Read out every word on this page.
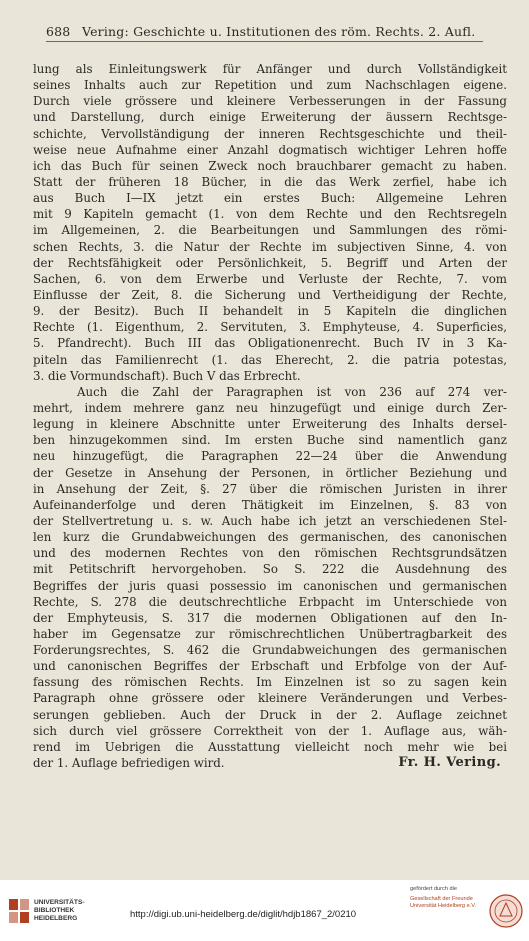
688 Vering: Geschichte u. Institutionen des röm. Rechts. 2. Aufl.
lung als Einleitungswerk für Anfänger und durch Vollständigkeit
seines Inhalts auch zur Repetition und zum Nachschlagen eigene.
Durch viele grössere und kleinere Verbesserungen in der Fassung
und Darstellung, durch einige Erweiterung der äussern Rechtsge-
schichte, Vervollständigung der inneren Rechtsgeschichte und theil-
weise neue Aufnahme einer Anzahl dogmatisch wichtiger Lehren hoffe
ich das Buch für seinen Zweck noch brauchbarer gemacht zu haben.
Statt der früheren 18 Bücher, in die das Werk zerfiel, habe ich
aus Buch I—IX jetzt ein erstes Buch: Allgemeine Lehren
mit 9 Kapiteln gemacht (1. von dem Rechte und den Rechtsregeln
im Allgemeinen, 2. die Bearbeitungen und Sammlungen des römi-
schen Rechts, 3. die Natur der Rechte im subjectiven Sinne, 4. von
der Rechtsfähigkeit oder Persönlichkeit, 5. Begriff und Arten der
Sachen, 6. von dem Erwerbe und Verluste der Rechte, 7. vom
Einflusse der Zeit, 8. die Sicherung und Vertheidigung der Rechte,
9. der Besitz). Buch II behandelt in 5 Kapiteln die dinglichen
Rechte (1. Eigenthum, 2. Servituten, 3. Emphyteuse, 4. Superficies,
5. Pfandrecht). Buch III das Obligationenrecht. Buch IV in 3 Ka-
piteln das Familienrecht (1. das Eherecht, 2. die patria potestas,
3. die Vormundschaft). Buch V das Erbrecht.
Auch die Zahl der Paragraphen ist von 236 auf 274 ver-
mehrt, indem mehrere ganz neu hinzugefügt und einige durch Zer-
legung in kleinere Abschnitte unter Erweiterung des Inhalts dersel-
ben hinzugekommen sind. Im ersten Buche sind namentlich ganz
neu hinzugefügt, die Paragraphen 22—24 über die Anwendung
der Gesetze in Ansehung der Personen, in örtlicher Beziehung und
in Ansehung der Zeit, §. 27 über die römischen Juristen in ihrer
Aufeinanderfolge und deren Thätigkeit im Einzelnen, §. 83 von
der Stellvertretung u. s. w. Auch habe ich jetzt an verschiedenen Stel-
len kurz die Grundabweichungen des germanischen, des canonischen
und des modernen Rechtes von den römischen Rechtsgrundsätzen
mit Petitschrift hervorgehoben. So S. 222 die Ausdehnung des
Begriffes der juris quasi possessio im canonischen und germanischen
Rechte, S. 278 die deutschrechtliche Erbpacht im Unterschiede von
der Emphyteusis, S. 317 die modernen Obligationen auf den In-
haber im Gegensatze zur römischrechtlichen Unübertragbarkeit des
Forderungsrechtes, S. 462 die Grundabweichungen des germanischen
und canonischen Begriffes der Erbschaft und Erbfolge von der Auf-
fassung des römischen Rechts. Im Einzelnen ist so zu sagen kein
Paragraph ohne grössere oder kleinere Veränderungen und Verbes-
serungen geblieben. Auch der Druck in der 2. Auflage zeichnet
sich durch viel grössere Correktheit von der 1. Auflage aus, wäh-
rend im Uebrigen die Ausstattung vielleicht noch mehr wie bei
der 1. Auflage befriedigen wird.	Fr. H. Vering.
UNIVERSITÄTS-
BIBLIOTHEK
HEIDELBERG	http://digi.ub.uni-heidelberg.de/diglit/hdjb1867_2/0210
gefördert durch die
Gesellschaft der Freunde
Universität Heidelberg e.V.
